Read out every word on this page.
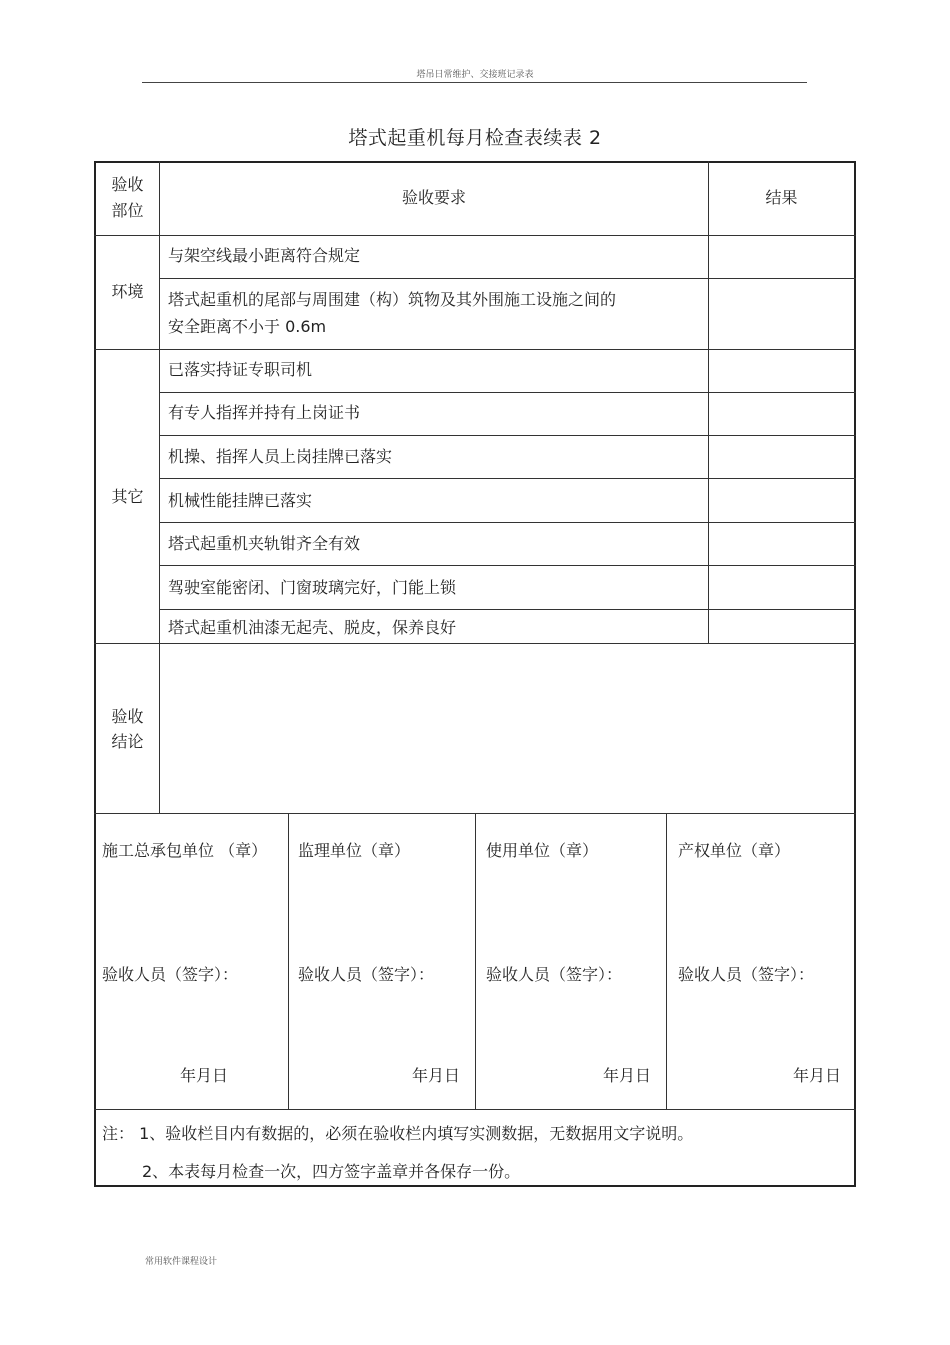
塔吊日常维护、交接班记录表
塔式起重机每月检查表续表 2
验收
部位
验收要求	结果
环境
与架空线最小距离符合规定
塔式起重机的尾部与周围建（构）筑物及其外围施工设施之间的
安全距离不小于 0.6m
其它
已落实持证专职司机
有专人指挥并持有上岗证书
机操、指挥人员上岗挂牌已落实
机械性能挂牌已落实
塔式起重机夹轨钳齐全有效
驾驶室能密闭、门窗玻璃完好，门能上锁
塔式起重机油漆无起壳、脱皮，保养良好
验收
结论
施工总承包单位 （章）
验收人员（签字）：
年月日
监理单位（章）
验收人员（签字）：
年月日
使用单位（章）
验收人员（签字）：
年月日
产权单位（章）
验收人员（签字）：
年月日
注： 1、验收栏目内有数据的，必须在验收栏内填写实测数据，无数据用文字说明。
2、本表每月检查一次，四方签字盖章并各保存一份。
常用软件课程设计
